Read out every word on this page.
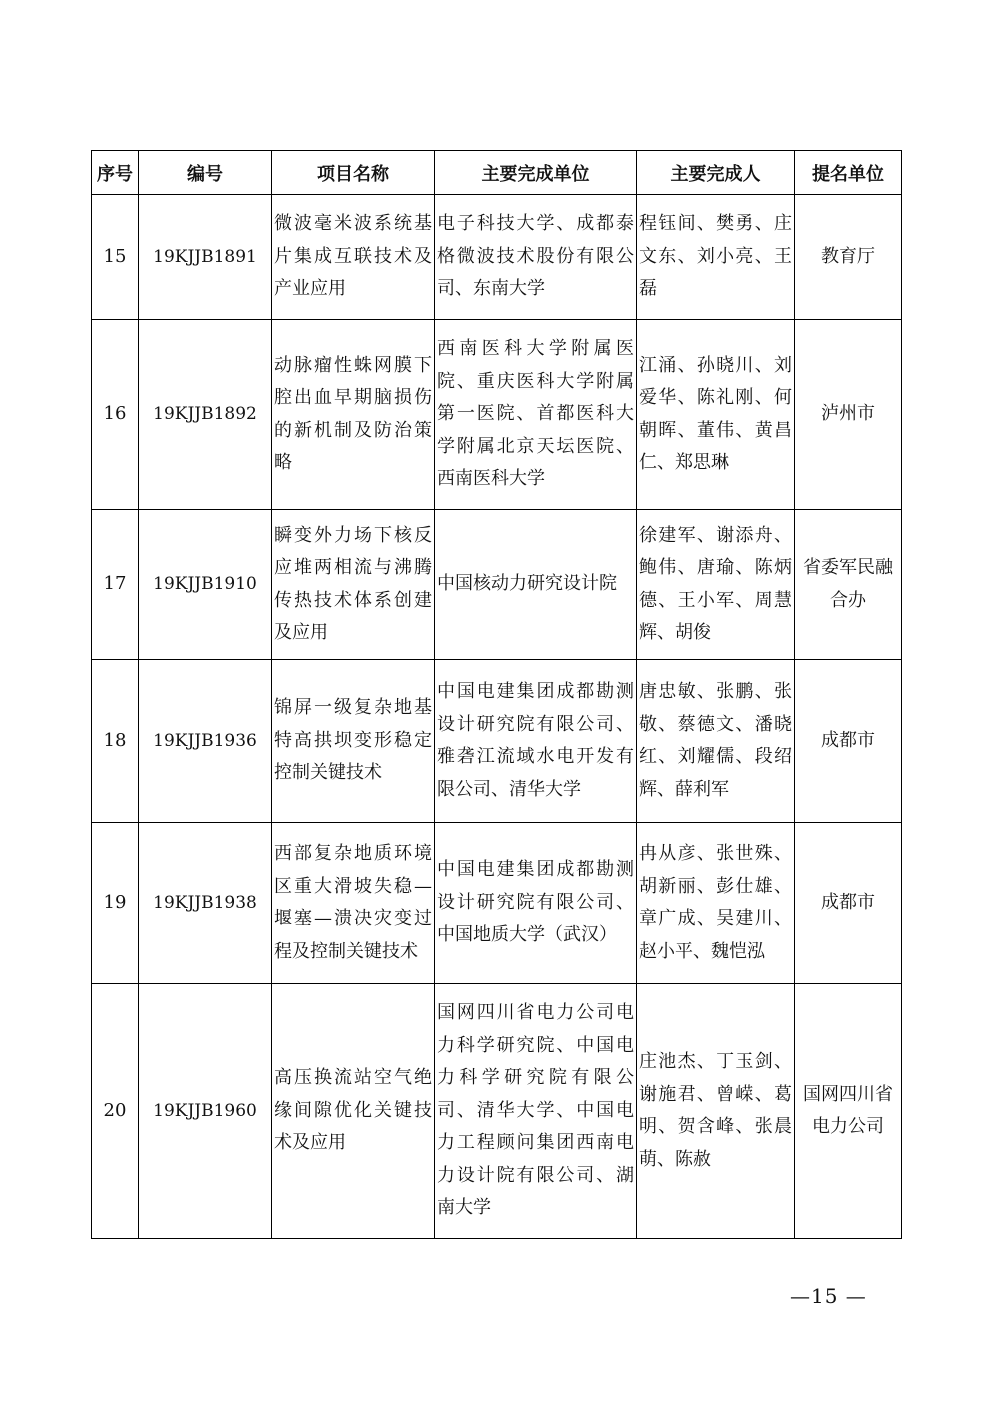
序号	编号	项目名称	主要完成单位	主要完成人	提名单位
15	19KJJB1891	微波毫米波系统基片集成互联技术及产业应用	电子科技大学、成都泰格微波技术股份有限公司、东南大学	程钰间、樊勇、庄文东、刘小亮、王磊	教育厅
16	19KJJB1892	动脉瘤性蛛网膜下腔出血早期脑损伤的新机制及防治策略	西南医科大学附属医院、重庆医科大学附属第一医院、首都医科大学附属北京天坛医院、西南医科大学	江涌、孙晓川、刘爱华、陈礼刚、何朝晖、董伟、黄昌仁、郑思琳	泸州市
17	19KJJB1910	瞬变外力场下核反应堆两相流与沸腾传热技术体系创建及应用	中国核动力研究设计院	徐建军、谢添舟、鲍伟、唐瑜、陈炳德、王小军、周慧辉、胡俊	省委军民融合办
18	19KJJB1936	锦屏一级复杂地基特高拱坝变形稳定控制关键技术	中国电建集团成都勘测设计研究院有限公司、雅砻江流域水电开发有限公司、清华大学	唐忠敏、张鹏、张敬、蔡德文、潘晓红、刘耀儒、段绍辉、薛利军	成都市
19	19KJJB1938	西部复杂地质环境区重大滑坡失稳—堰塞—溃决灾变过程及控制关键技术	中国电建集团成都勘测设计研究院有限公司、中国地质大学（武汉）	冉从彦、张世殊、胡新丽、彭仕雄、章广成、吴建川、赵小平、魏恺泓	成都市
20	19KJJB1960	高压换流站空气绝缘间隙优化关键技术及应用	国网四川省电力公司电力科学研究院、中国电力科学研究院有限公司、清华大学、中国电力工程顾问集团西南电力设计院有限公司、湖南大学	庄池杰、丁玉剑、谢施君、曾嵘、葛明、贺含峰、张晨萌、陈赦	国网四川省电力公司
—15 —
